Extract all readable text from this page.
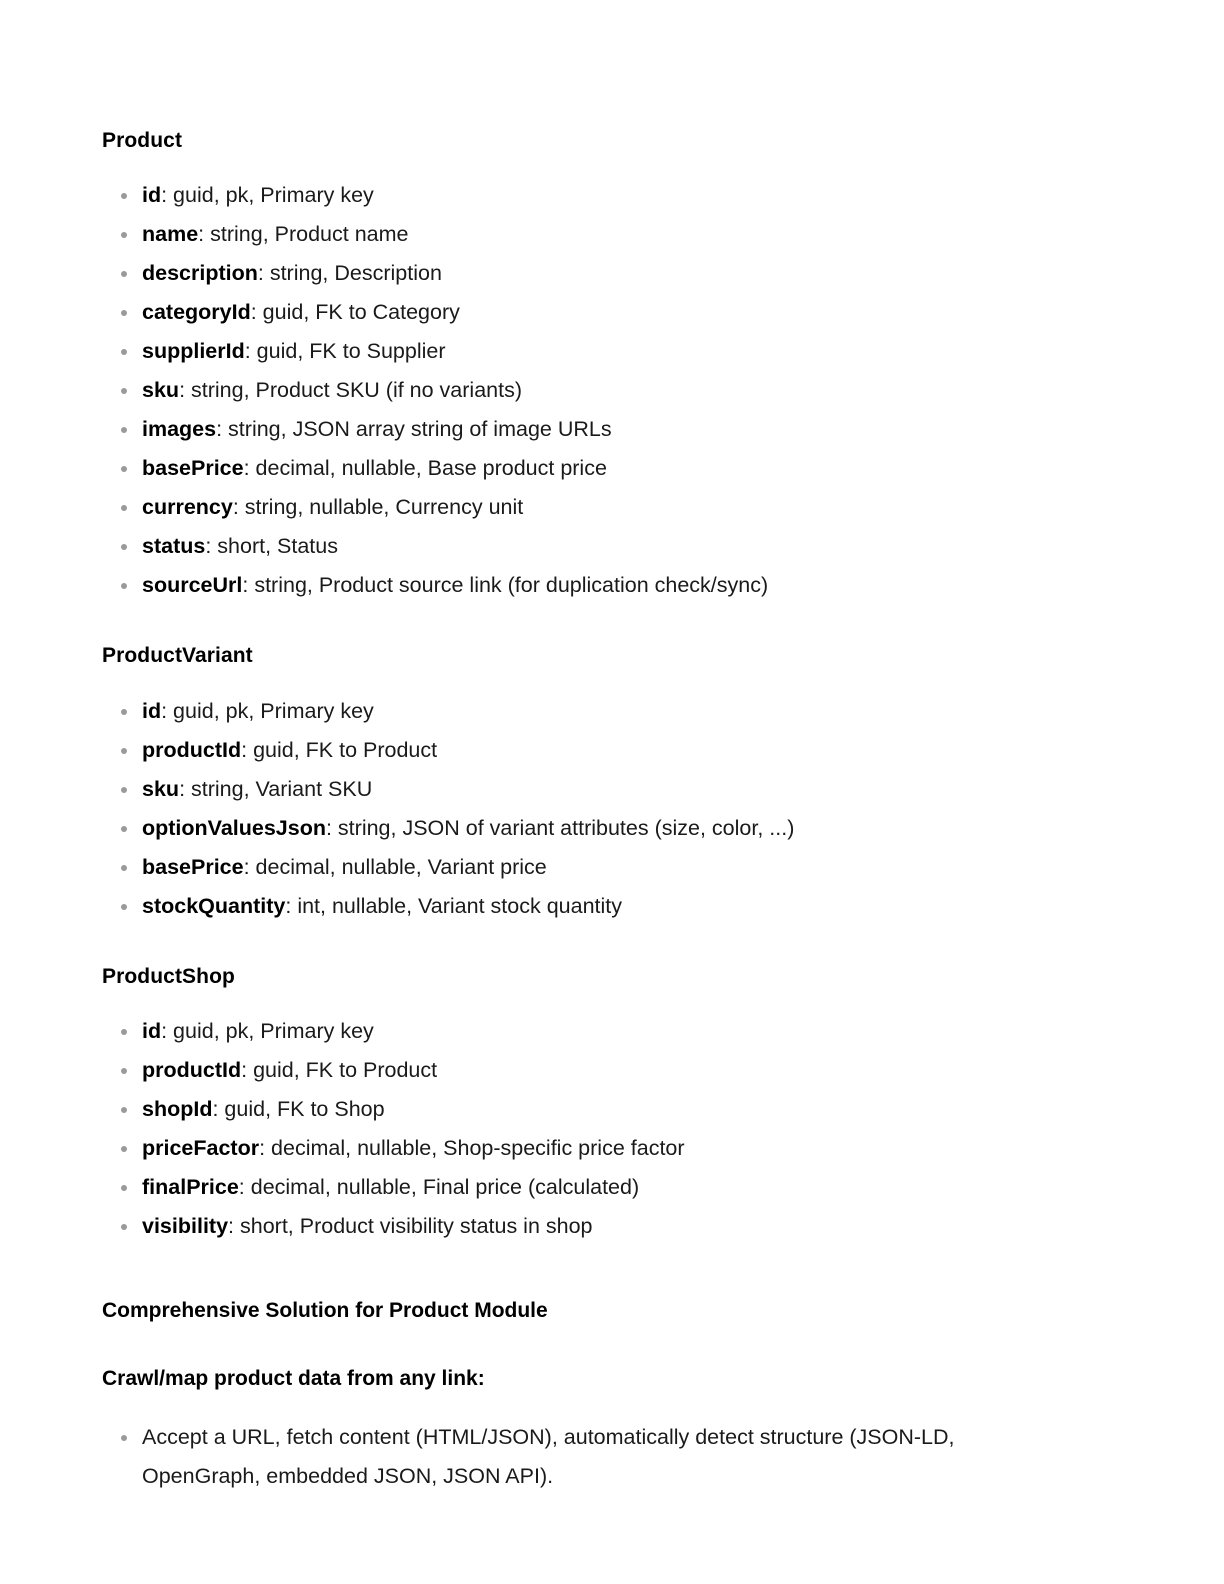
Product
id: guid, pk, Primary key
name: string, Product name
description: string, Description
categoryId: guid, FK to Category
supplierId: guid, FK to Supplier
sku: string, Product SKU (if no variants)
images: string, JSON array string of image URLs
basePrice: decimal, nullable, Base product price
currency: string, nullable, Currency unit
status: short, Status
sourceUrl: string, Product source link (for duplication check/sync)
ProductVariant
id: guid, pk, Primary key
productId: guid, FK to Product
sku: string, Variant SKU
optionValuesJson: string, JSON of variant attributes (size, color, ...)
basePrice: decimal, nullable, Variant price
stockQuantity: int, nullable, Variant stock quantity
ProductShop
id: guid, pk, Primary key
productId: guid, FK to Product
shopId: guid, FK to Shop
priceFactor: decimal, nullable, Shop-specific price factor
finalPrice: decimal, nullable, Final price (calculated)
visibility: short, Product visibility status in shop
Comprehensive Solution for Product Module
Crawl/map product data from any link:
Accept a URL, fetch content (HTML/JSON), automatically detect structure (JSON-LD, OpenGraph, embedded JSON, JSON API).
